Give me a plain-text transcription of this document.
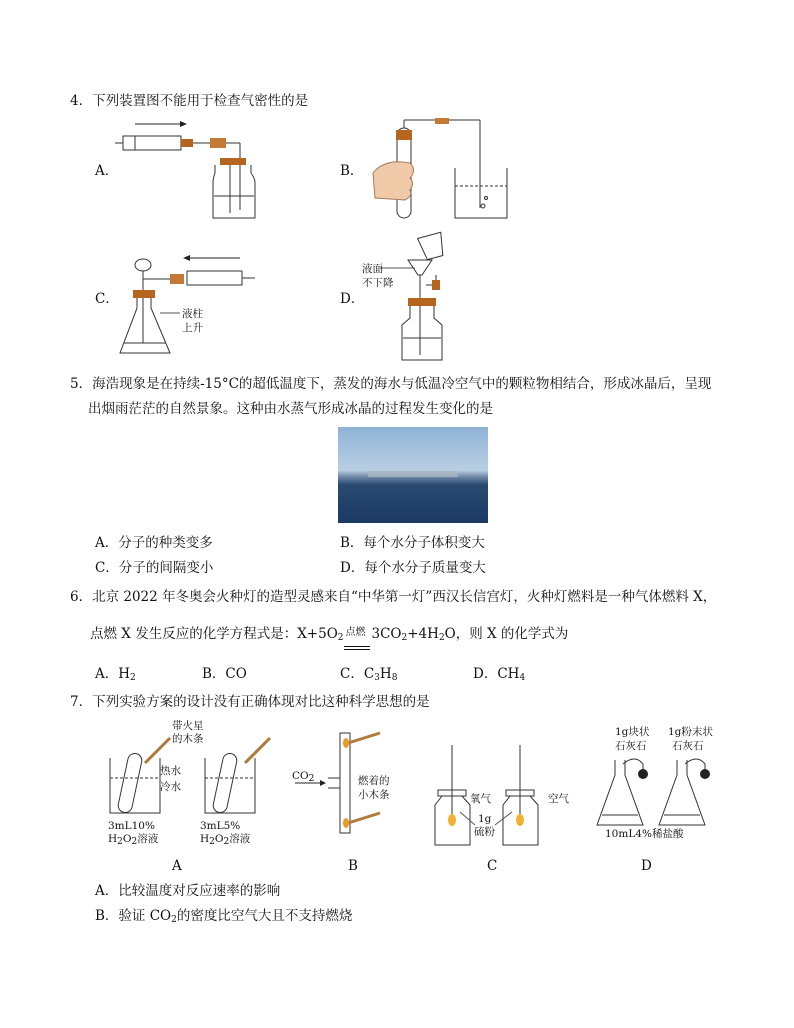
4．下列装置图不能用于检查气密性的是
A．	B．
C．	D．
液柱
上升
液面
不下降
5．海浩现象是在持续-15°C的超低温度下，蒸发的海水与低温冷空气中的颗粒物相结合，形成冰晶后，呈现
出烟雨茫茫的自然景象。这种由水蒸气形成冰晶的过程发生变化的是
A．分子的种类变多	B．每个水分子体积变大
C．分子的间隔变小	D．每个水分子质量变大
6．北京 2022 年冬奥会火种灯的造型灵感来自“中华第一灯”西汉长信宫灯，火种灯燃料是一种气体燃料 X，
点燃 X 发生反应的化学方程式是：$X+5O_2$ 点燃 $3CO_2+4H_2O$，则 X 的化学式为
A．$H_2$	B．CO	C．$C_3H_8$	D．$CH_4$
7．下列实验方案的设计没有正确体现对比这种科学思想的是
带火星
的木条
热水
冷水
3mL10%
$H_2O_2$溶液
3mL5%
$H_2O_2$溶液
A
$CO_2$	燃着的
小木条
B
氧气	空气
1g
硫粉
C
1g块状
石灰石
1g粉末状
石灰石
10mL4%稀盐酸
D
A．比较温度对反应速率的影响
B．验证 $CO_2$的密度比空气大且不支持燃烧
